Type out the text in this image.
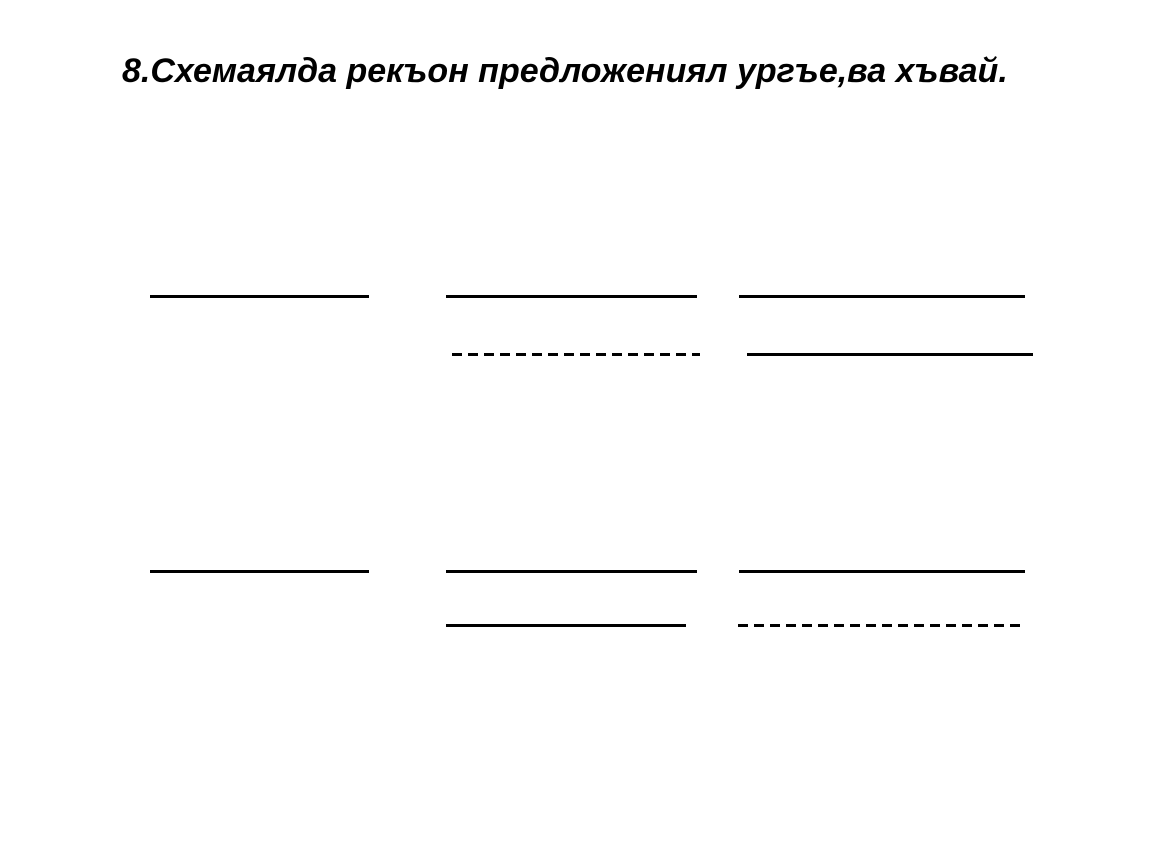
8.Схемаялда рекъон предложениял ургъе,ва хъвай.
